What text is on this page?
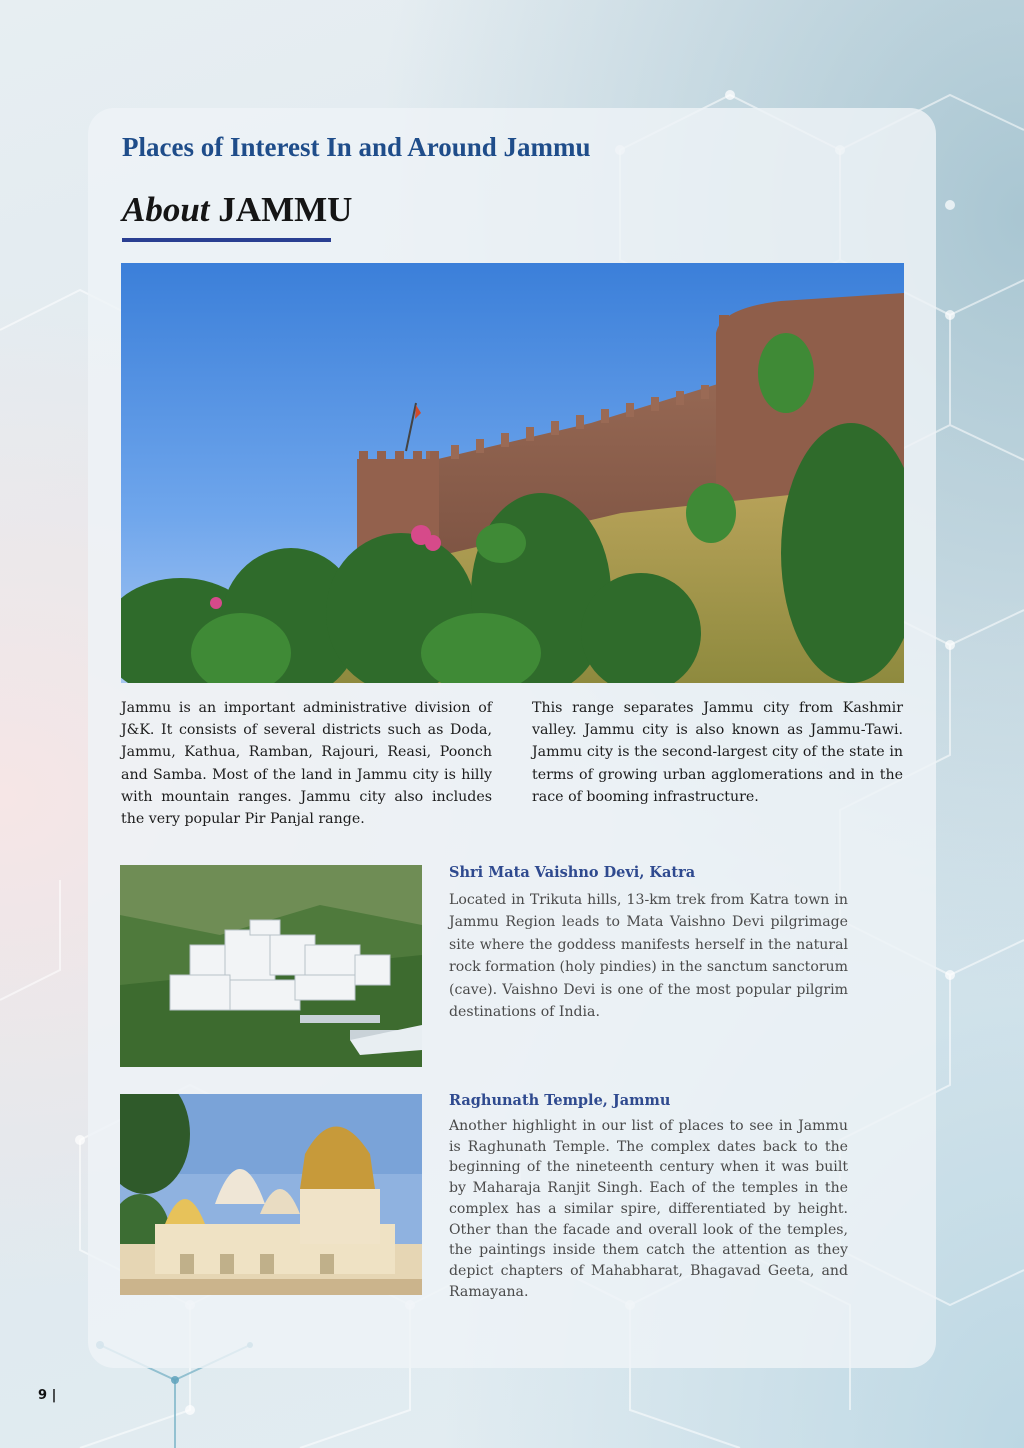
Places of Interest In and Around Jammu
About JAMMU

Jammu is an important administrative division of J&K. It consists of several districts such as Doda, Jammu, Kathua, Ramban, Rajouri, Reasi, Poonch and Samba. Most of the land in Jammu city is hilly with mountain ranges. Jammu city also includes the very popular Pir Panjal range.

This range separates Jammu city from Kashmir valley. Jammu city is also known as Jammu-Tawi. Jammu city is the second-largest city of the state in terms of growing urban agglomerations and in the race of booming infrastructure.

Shri Mata Vaishno Devi, Katra

Located in Trikuta hills, 13-km trek from Katra town in Jammu Region leads to Mata Vaishno Devi pilgrimage site where the goddess manifests herself in the natural rock formation (holy pindies) in the sanctum sanctorum (cave). Vaishno Devi is one of the most popular pilgrim destinations of India.

Raghunath Temple, Jammu

Another highlight in our list of places to see in Jammu is Raghunath Temple. The complex dates back to the beginning of the nineteenth century when it was built by Maharaja Ranjit Singh. Each of the temples in the complex has a similar spire, differentiated by height. Other than the facade and overall look of the temples, the paintings inside them catch the attention as they depict chapters of Mahabharat, Bhagavad Geeta, and Ramayana.

9 |
